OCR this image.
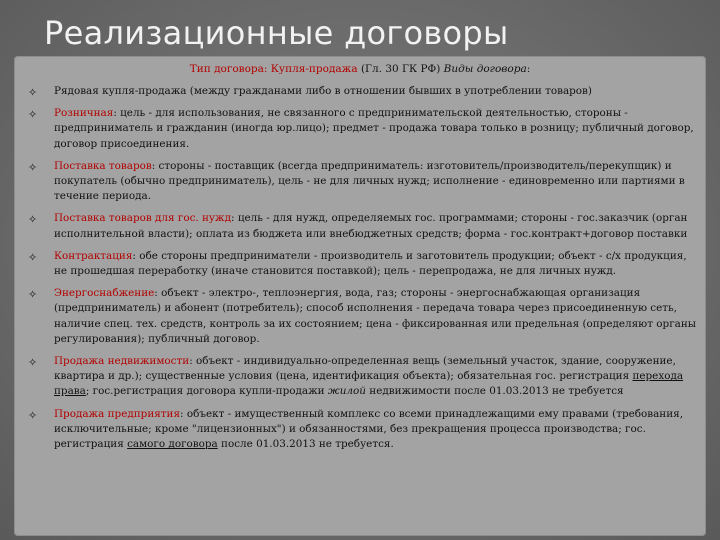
Реализационные договоры
Тип договора: Купля-продажа (Гл. 30 ГК РФ) Виды договора:
✧ Рядовая купля-продажа (между гражданами либо в отношении бывших в употреблении товаров)
✧ Розничная: цель - для использования, не связанного с предпринимательской деятельностью, стороны - предприниматель и гражданин (иногда юр.лицо); предмет - продажа товара только в розницу; публичный договор, договор присоединения.
✧ Поставка товаров: стороны - поставщик (всегда предприниматель: изготовитель/производитель/перекупщик) и покупатель (обычно предприниматель), цель - не для личных нужд; исполнение - единовременно или партиями в течение периода.
✧ Поставка товаров для гос. нужд: цель - для нужд, определяемых гос. программами; стороны - гос.заказчик (орган исполнительной власти); оплата из бюджета или внебюджетных средств; форма - гос.контракт+договор поставки
✧ Контрактация: обе стороны предприниматели - производитель и заготовитель продукции; объект - с/х продукция, не прошедшая переработку (иначе становится поставкой); цель - перепродажа, не для личных нужд.
✧ Энергоснабжение: объект - электро-, теплоэнергия, вода, газ; стороны - энергоснабжающая организация (предприниматель) и абонент (потребитель); способ исполнения - передача товара через присоединенную сеть, наличие спец. тех. средств, контроль за их состоянием; цена - фиксированная или предельная (определяют органы регулирования); публичный договор.
✧ Продажа недвижимости: объект - индивидуально-определенная вещь (земельный участок, здание, сооружение, квартира и др.); существенные условия (цена, идентификация объекта); обязательная гос. регистрация перехода права; гос.регистрация договора купли-продажи жилой недвижимости после 01.03.2013 не требуется
✧ Продажа предприятия: объект - имущественный комплекс со всеми принадлежащими ему правами (требования, исключительные; кроме "лицензионных") и обязанностями, без прекращения процесса производства; гос. регистрация самого договора после 01.03.2013 не требуется.
